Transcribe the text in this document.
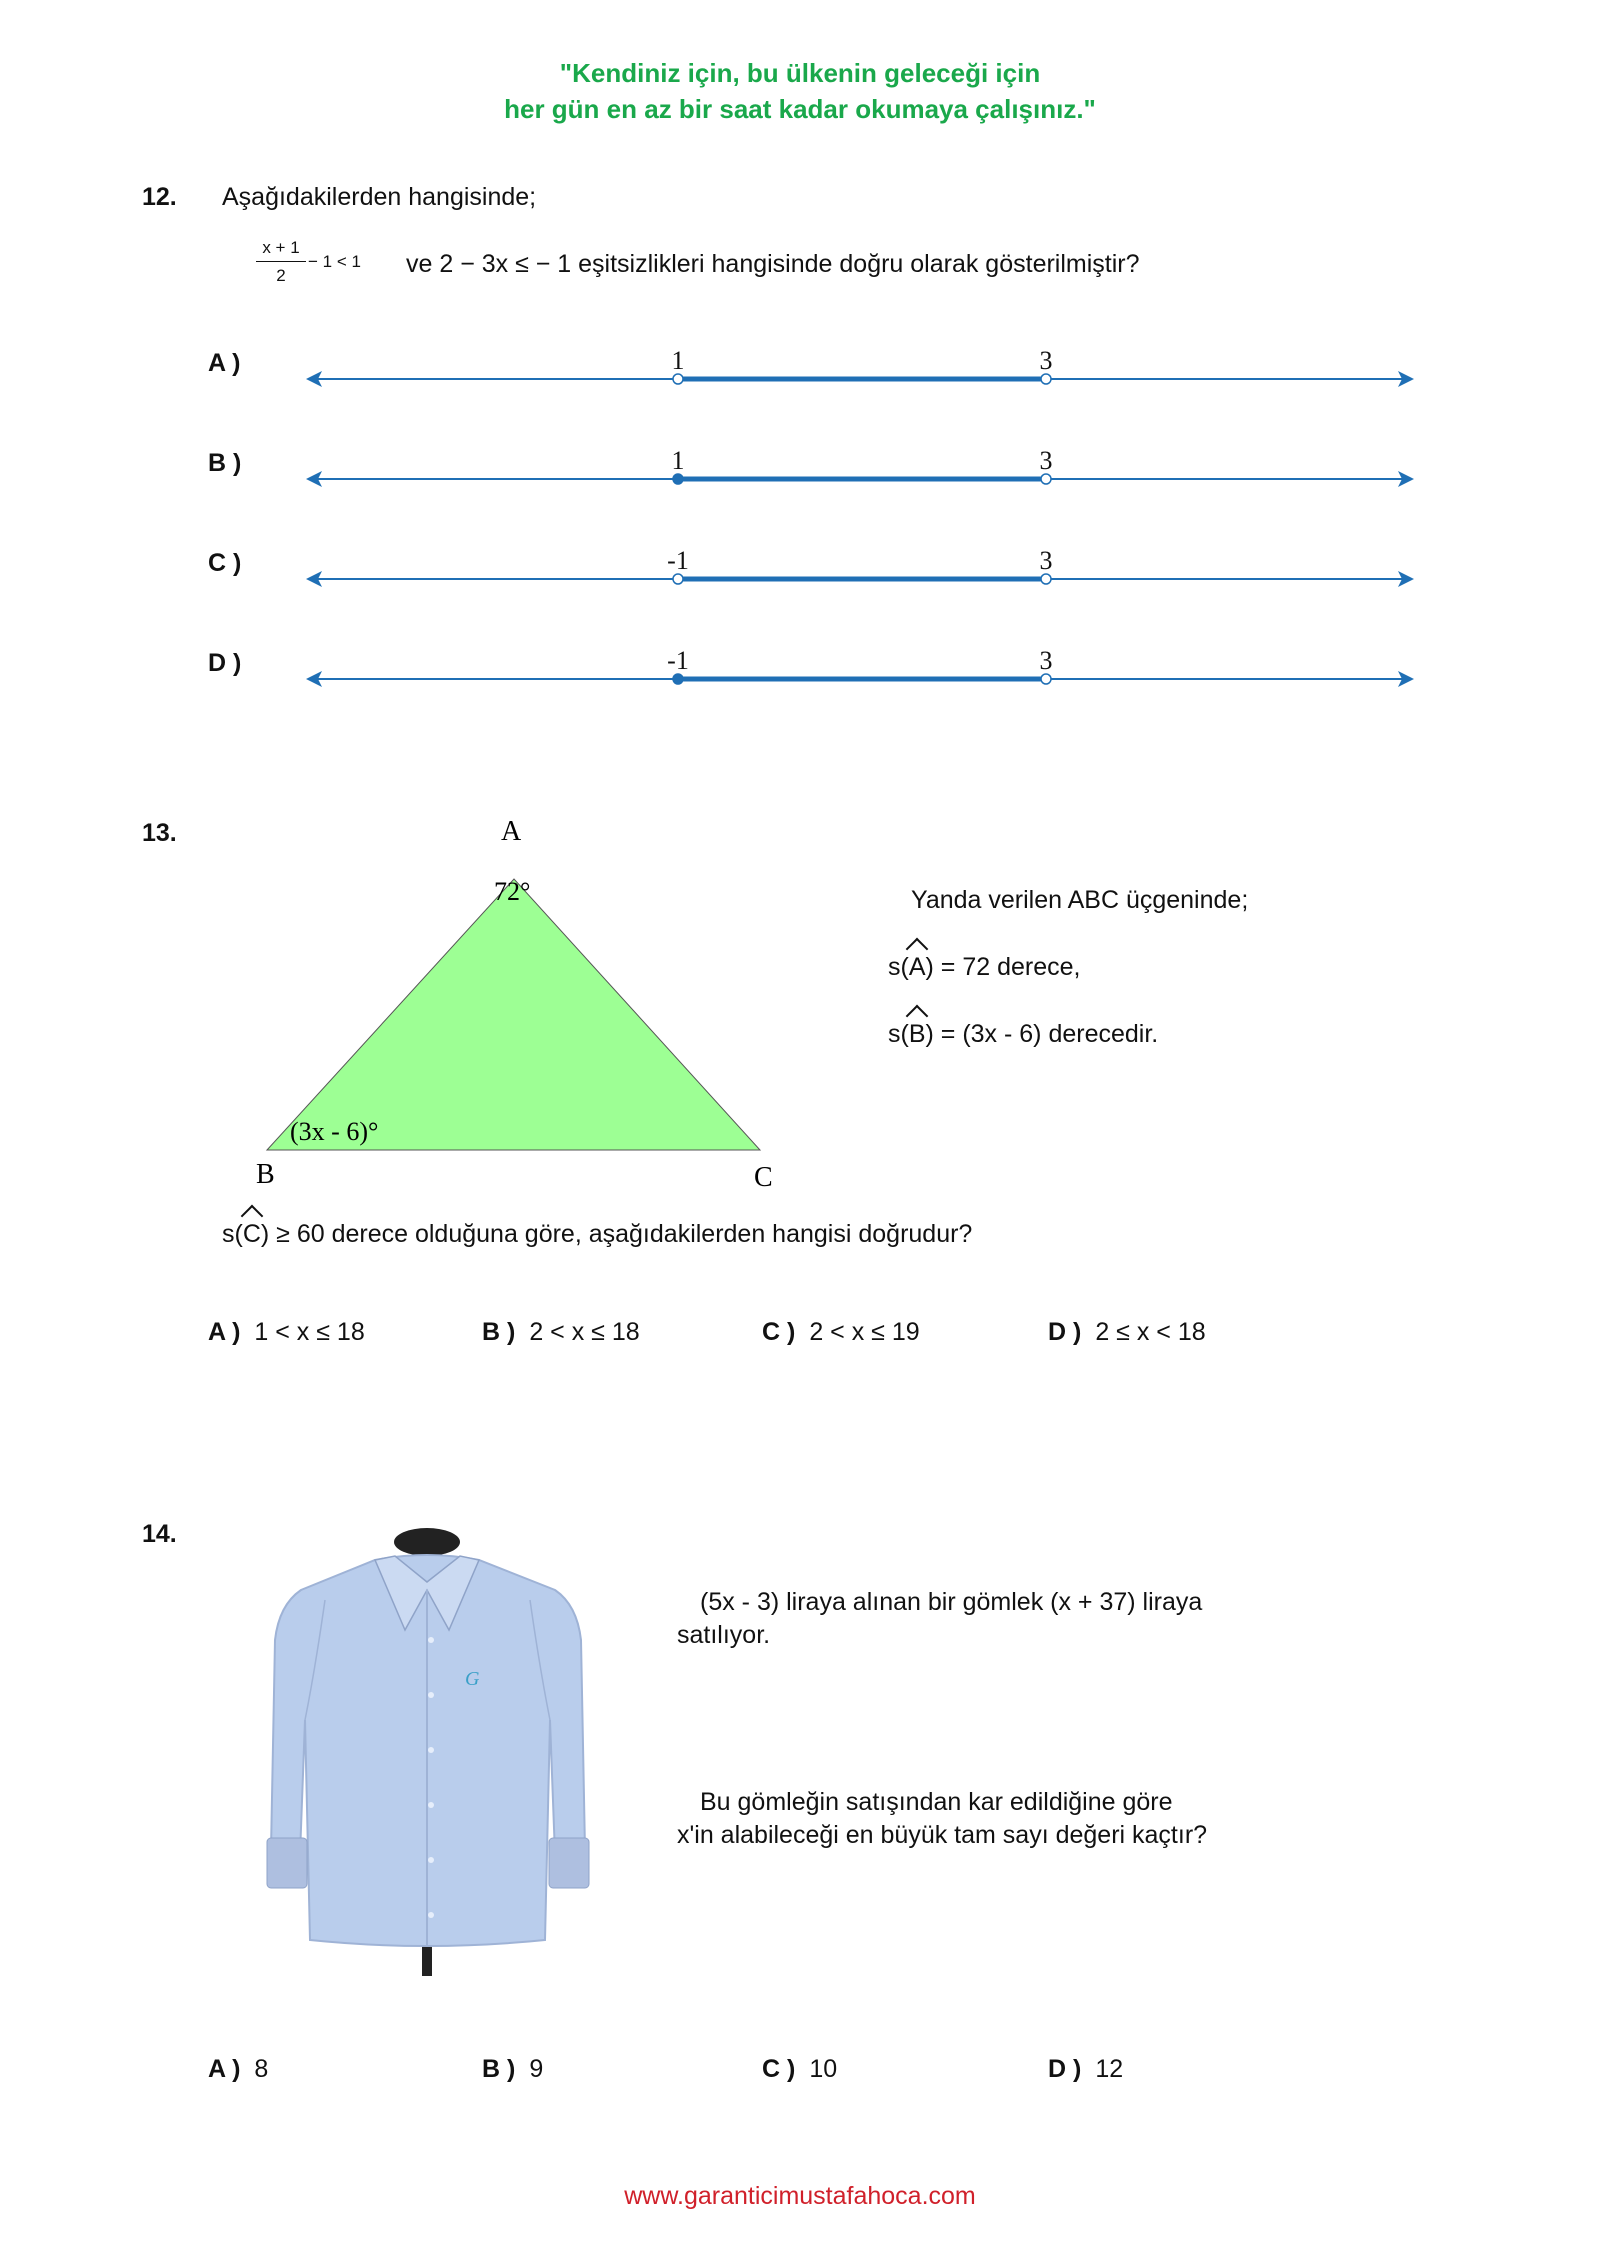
"Kendiniz için, bu ülkenin geleceği için
her gün en az bir saat kadar okumaya çalışınız."
12. Aşağıdakilerden hangisinde;
x + 1
2
− 1 < 1 ve 2 − 3x ≤ − 1 eşitsizlikleri hangisinde doğru olarak gösterilmiştir?
A )	1	3
B )	1	3
C )	-1	3
D )	-1	3
13.	A
B	C
72°
(3x - 6)°
Yanda verilen ABC üçgeninde;
s(A) = 72 derece,
s(B) = (3x - 6) derecedir.
s(C) ≥ 60 derece olduğuna göre, aşağıdakilerden hangisi doğrudur?
A ) 1 < x ≤ 18	B ) 2 < x ≤ 18	C ) 2 < x ≤ 19	D ) 2 ≤ x < 18
14.
G
(5x - 3) liraya alınan bir gömlek (x + 37) liraya
satılıyor.
Bu gömleğin satışından kar edildiğine göre
x'in alabileceği en büyük tam sayı değeri kaçtır?
A ) 8	B ) 9	C ) 10	D ) 12
www.garanticimustafahoca.com
